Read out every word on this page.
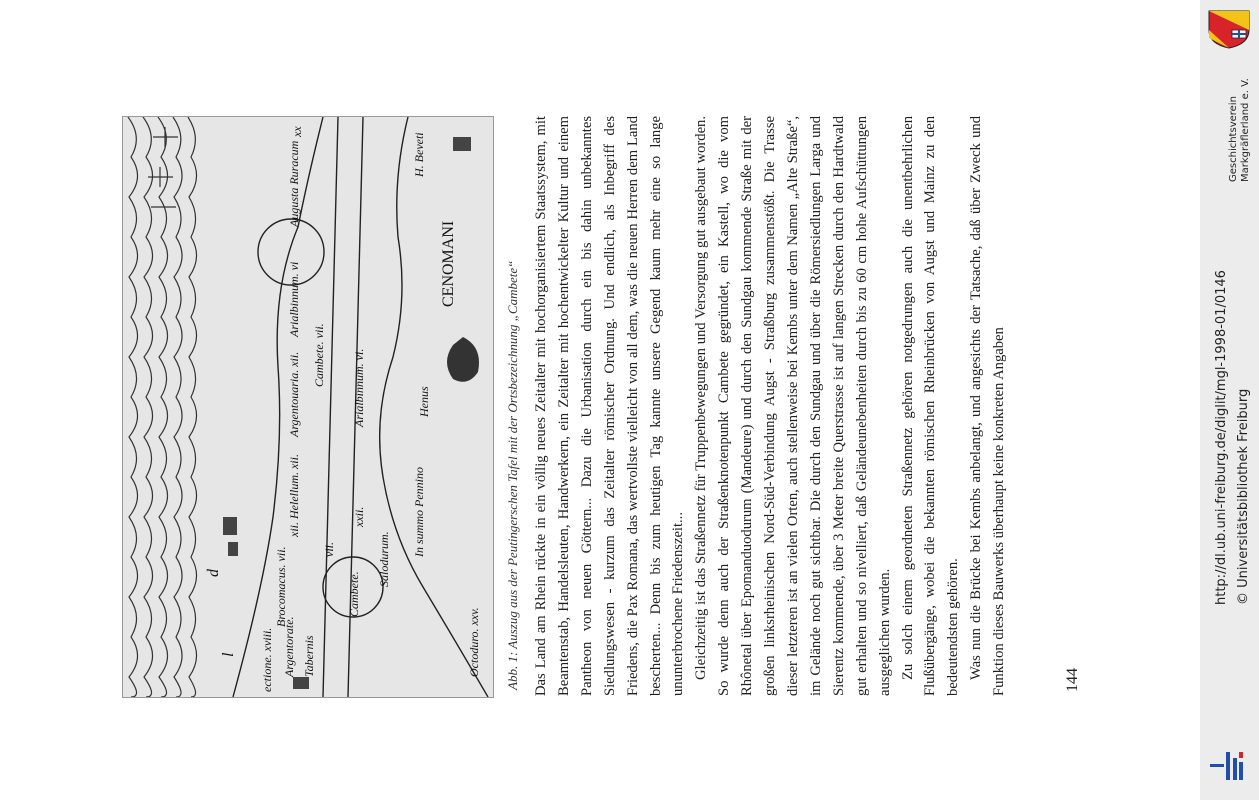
Argentorate.
Brocomacus. vii.
Tabernis
xii. Helellum. xii.
Argentouaria. xii. Cambete. vii.
Arialbinnum. vi
Augusta Ruracum
xx
Cambete.
vii.
xxii.
Arialbinnum. vi.
Salodurum.
In summo Pennino
Henus
CENOMANI
H. Beveti
Octoduro. xxv.
ectione. xviii.
l
d	Abb. 1: Auszug aus der Peutingerschen Tafel mit der Ortsbezeichnung „Cambete“ Das Land am Rhein rückte in ein völlig neues Zeitalter mit hochorganisiertem Staatssystem, mit Beamtenstab, Handelsleuten, Handwerkern, ein Zeitalter mit hochentwickelter Kultur und einem Pantheon von neuen Göttern... Dazu die Urbanisation durch ein bis dahin unbekanntes Siedlungswesen - kurzum das Zeitalter römischer Ordnung. Und endlich, als Inbegriff des Friedens, die Pax Romana, das wertvollste vielleicht von all dem, was die neuen Herren dem Land bescherten... Denn bis zum heutigen Tag kannte unsere Gegend kaum mehr eine so lange ununterbrochene Friedenszeit... Gleichzeitig ist das Straßennetz für Truppenbewegungen und Versorgung gut ausgebaut worden. So wurde denn auch der Straßenknotenpunkt Cambete gegründet, ein Kastell, wo die vom Rhônetal über Epomanduodurum (Mandeure) und durch den Sundgau kommende Straße mit der großen linksrheinischen Nord-Süd-Verbindung Augst - Straßburg zusammenstößt. Die Trasse dieser letzteren ist an vielen Orten, auch stellenweise bei Kembs unter dem Namen „Alte Straße“, im Gelände noch gut sichtbar. Die durch den Sundgau und über die Römersiedlungen Larga und Sierentz kommende, über 3 Meter breite Querstrasse ist auf langen Strecken durch den Hardtwald gut erhalten und so nivelliert, daß Geländeunebenheiten durch bis zu 60 cm hohe Aufschüttungen ausgeglichen wurden. Zu solch einem geordneten Straßennetz gehören notgedrungen auch die unentbehrlichen Flußübergänge, wobei die bekannten römischen Rheinbrücken von Augst und Mainz zu den bedeutendsten gehören. Was nun die Brücke bei Kembs anbelangt, und angesichts der Tatsache, daß über Zweck und Funktion dieses Bauwerks überhaupt keine konkreten Angaben	144
Geschichtsverein Markgräflerland e. V.
http://dl.ub.uni-freiburg.de/diglit/mgl-1998-01/0146 © Universitätsbibliothek Freiburg
